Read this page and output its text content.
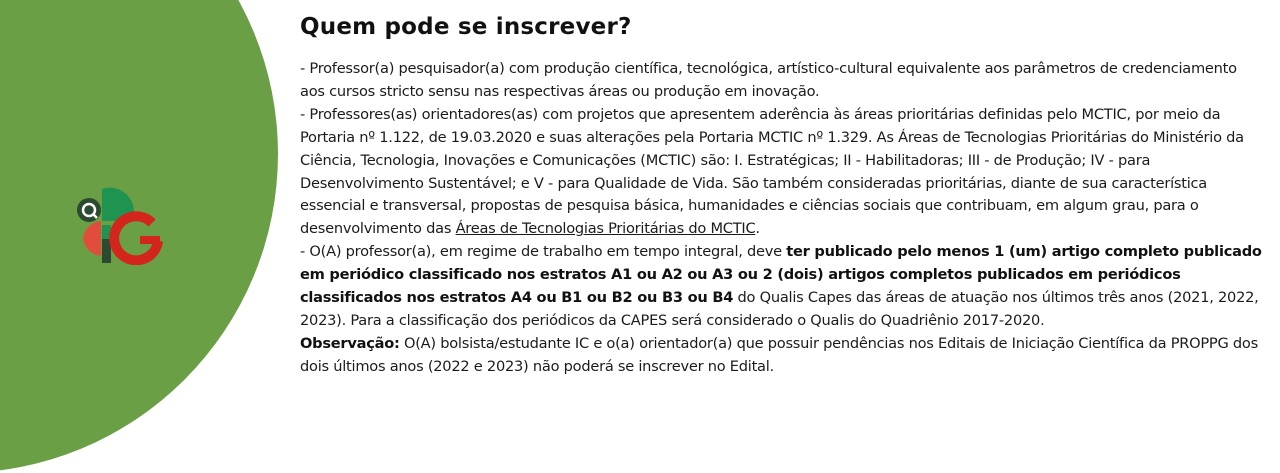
Quem pode se inscrever?

- Professor(a) pesquisador(a) com produção científica, tecnológica, artístico-cultural equivalente aos parâmetros de credenciamento aos cursos stricto sensu nas respectivas áreas ou produção em inovação.

- Professores(as) orientadores(as) com projetos que apresentem aderência às áreas prioritárias definidas pelo MCTIC, por meio da Portaria nº 1.122, de 19.03.2020 e suas alterações pela Portaria MCTIC nº 1.329. As Áreas de Tecnologias Prioritárias do Ministério da Ciência, Tecnologia, Inovações e Comunicações (MCTIC) são: I. Estratégicas; II - Habilitadoras; III - de Produção; IV - para Desenvolvimento Sustentável; e V - para Qualidade de Vida. São também consideradas prioritárias, diante de sua característica essencial e transversal, propostas de pesquisa básica, humanidades e ciências sociais que contribuam, em algum grau, para o desenvolvimento das Áreas de Tecnologias Prioritárias do MCTIC.

- O(A) professor(a), em regime de trabalho em tempo integral, deve ter publicado pelo menos 1 (um) artigo completo publicado em periódico classificado nos estratos A1 ou A2 ou A3 ou 2 (dois) artigos completos publicados em periódicos classificados nos estratos A4 ou B1 ou B2 ou B3 ou B4 do Qualis Capes das áreas de atuação nos últimos três anos (2021, 2022, 2023). Para a classificação dos periódicos da CAPES será considerado o Qualis do Quadriênio 2017-2020.

Observação: O(A) bolsista/estudante IC e o(a) orientador(a) que possuir pendências nos Editais de Iniciação Científica da PROPPG dos dois últimos anos (2022 e 2023) não poderá se inscrever no Edital.
